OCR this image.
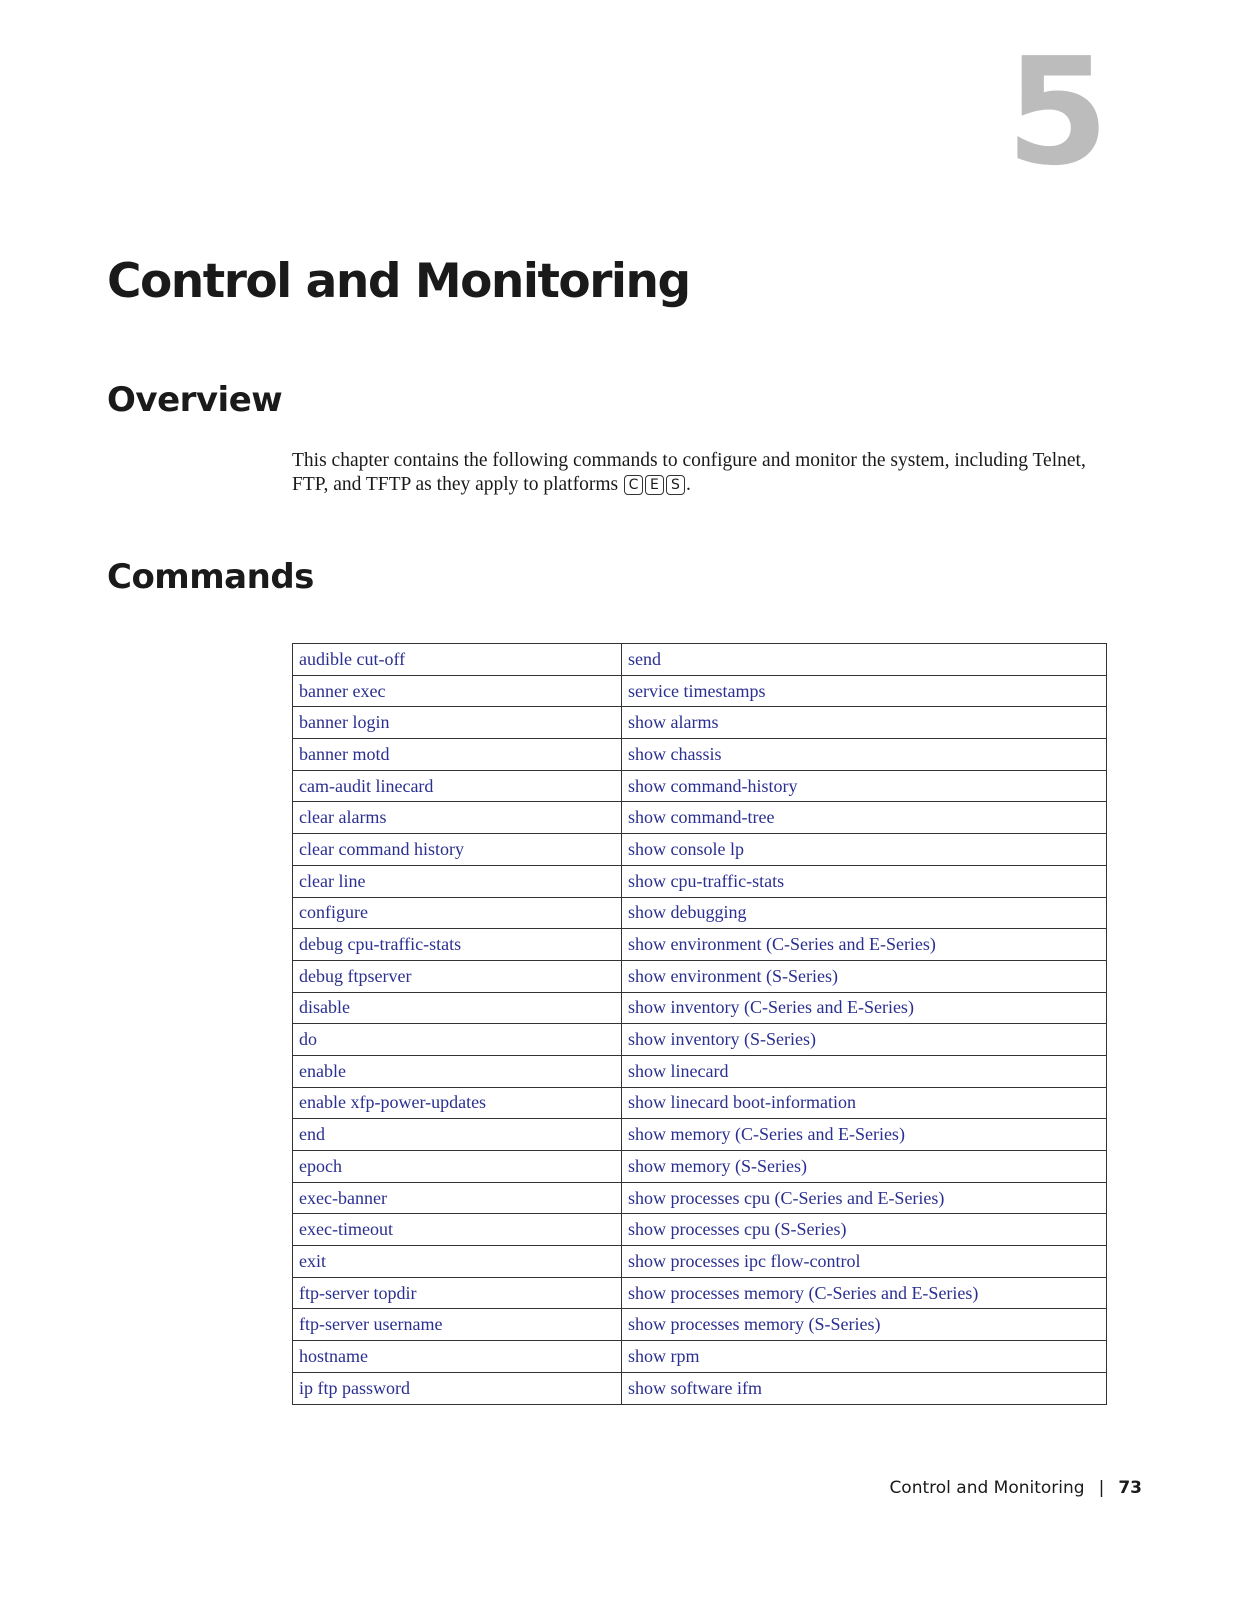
5
Control and Monitoring
Overview

This chapter contains the following commands to configure and monitor the system, including Telnet, FTP, and TFTP as they apply to platforms C E S .

Commands
audible cut-off	send
banner exec	service timestamps
banner login	show alarms
banner motd	show chassis
cam-audit linecard	show command-history
clear alarms	show command-tree
clear command history	show console lp
clear line	show cpu-traffic-stats
configure	show debugging
debug cpu-traffic-stats	show environment (C-Series and E-Series)
debug ftpserver	show environment (S-Series)
disable	show inventory (C-Series and E-Series)
do	show inventory (S-Series)
enable	show linecard
enable xfp-power-updates	show linecard boot-information
end	show memory (C-Series and E-Series)
epoch	show memory (S-Series)
exec-banner	show processes cpu (C-Series and E-Series)
exec-timeout	show processes cpu (S-Series)
exit	show processes ipc flow-control
ftp-server topdir	show processes memory (C-Series and E-Series)
ftp-server username	show processes memory (S-Series)
hostname	show rpm
ip ftp password	show software ifm
Control and Monitoring | 73
